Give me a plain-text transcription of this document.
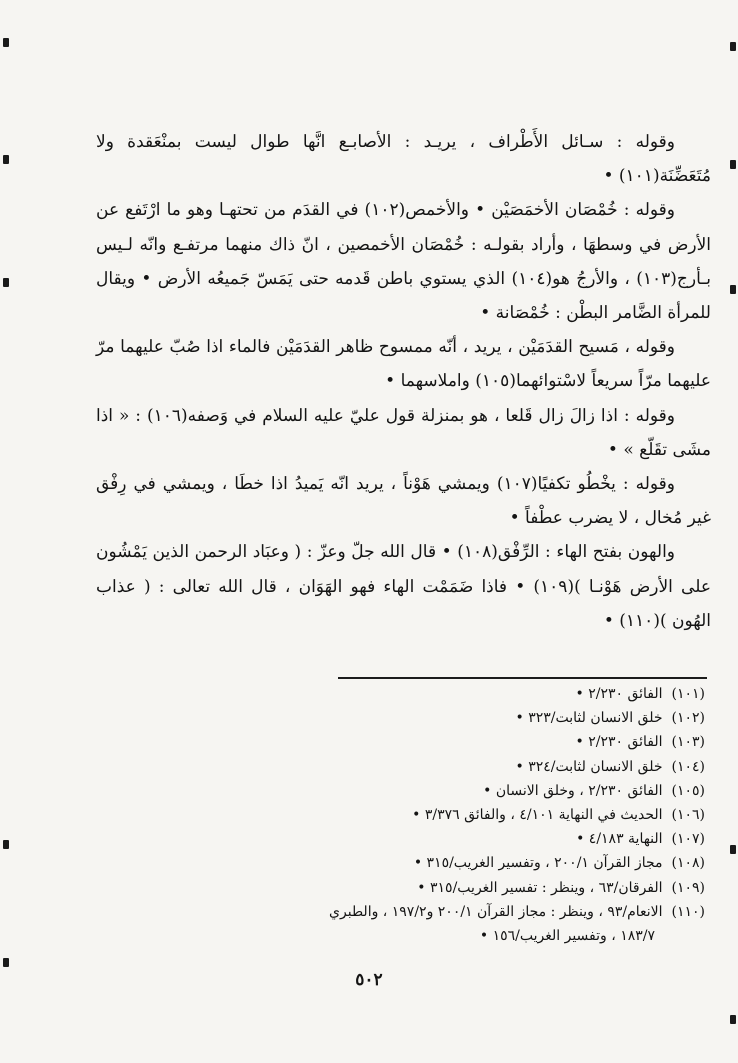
وقوله : سـائل الأَطْراف ، يريـد : الأصابـع انَّها طوال ليست بمنْعَقدة ولا مُتَعَضِّنَة(١٠١) •

وقوله : خُمْصَان الأخمَصَيْن • والأخمص(١٠٢) في القدَم من تحتهـا وهو ما ارْتَفع عن الأرض في وسطهَا ، وأراد بقولـه : خُمْصَان الأخمصين ، انّ ذاك منهما مرتفـع وانّه لـيس بـأرج(١٠٣) ، والأرجُ هو(١٠٤) الذي يستوي باطن قَدمه حتى يَمَسّ جَميعُه الأرض • ويقال للمرأة الضَّامر البطْن : خُمْصَانة •

وقوله ، مَسيح القدَمَيْن ، يريد ، أنّه ممسوح ظاهر القدَمَيْن فالماء اذا صُبّ عليهما مرّ عليهما مرّاً سريعاً لاسْتوائهما(١٠٥) واملاسهما •

وقوله : اذا زالَ زال قَلعا ، هو بمنزلة قول عليّ عليه السلام في وَصفه(١٠٦) : « اذا مشَى تقَلّع » •

وقوله : يخْطُو تكفيًا(١٠٧) ويمشي هَوْناً ، يريد انّه يَميدُ اذا خطَا ، ويمشي في رِفْق غير مُخال ، لا يضرب عطْفاً •

والهون بفتح الهاء : الرِّفْق(١٠٨) • قال الله جلّ وعزّ : ( وعبَاد الرحمن الذين يَمْشُون على الأرض هَوْنـا )(١٠٩) • فاذا ضَمَمْت الهاء فهو الهَوَان ، قال الله تعالى : ( عذاب الهُون )(١١٠) •

(١٠١) الفائق ٢/٢٣٠ •
(١٠٢) خلق الانسان لثابت/٣٢٣ •
(١٠٣) الفائق ٢/٢٣٠ •
(١٠٤) خلق الانسان لثابت/٣٢٤ •
(١٠٥) الفائق ٢/٢٣٠ ، وخلق الانسان •
(١٠٦) الحديث في النهاية ٤/١٠١ ، والفائق ٣/٣٧٦ •
(١٠٧) النهاية ٤/١٨٣ •
(١٠٨) مجاز القرآن ٢٠٠/١ ، وتفسير الغريب/٣١٥ •
(١٠٩) الفرقان/٦٣ ، وينظر : تفسير الغريب/٣١٥ •
(١١٠) الانعام/٩٣ ، وينظر : مجاز القرآن ٢٠٠/١ و١٩٧/٢ ، والطبري
١٨٣/٧ ، وتفسير الغريب/١٥٦ •
٥٠٢
